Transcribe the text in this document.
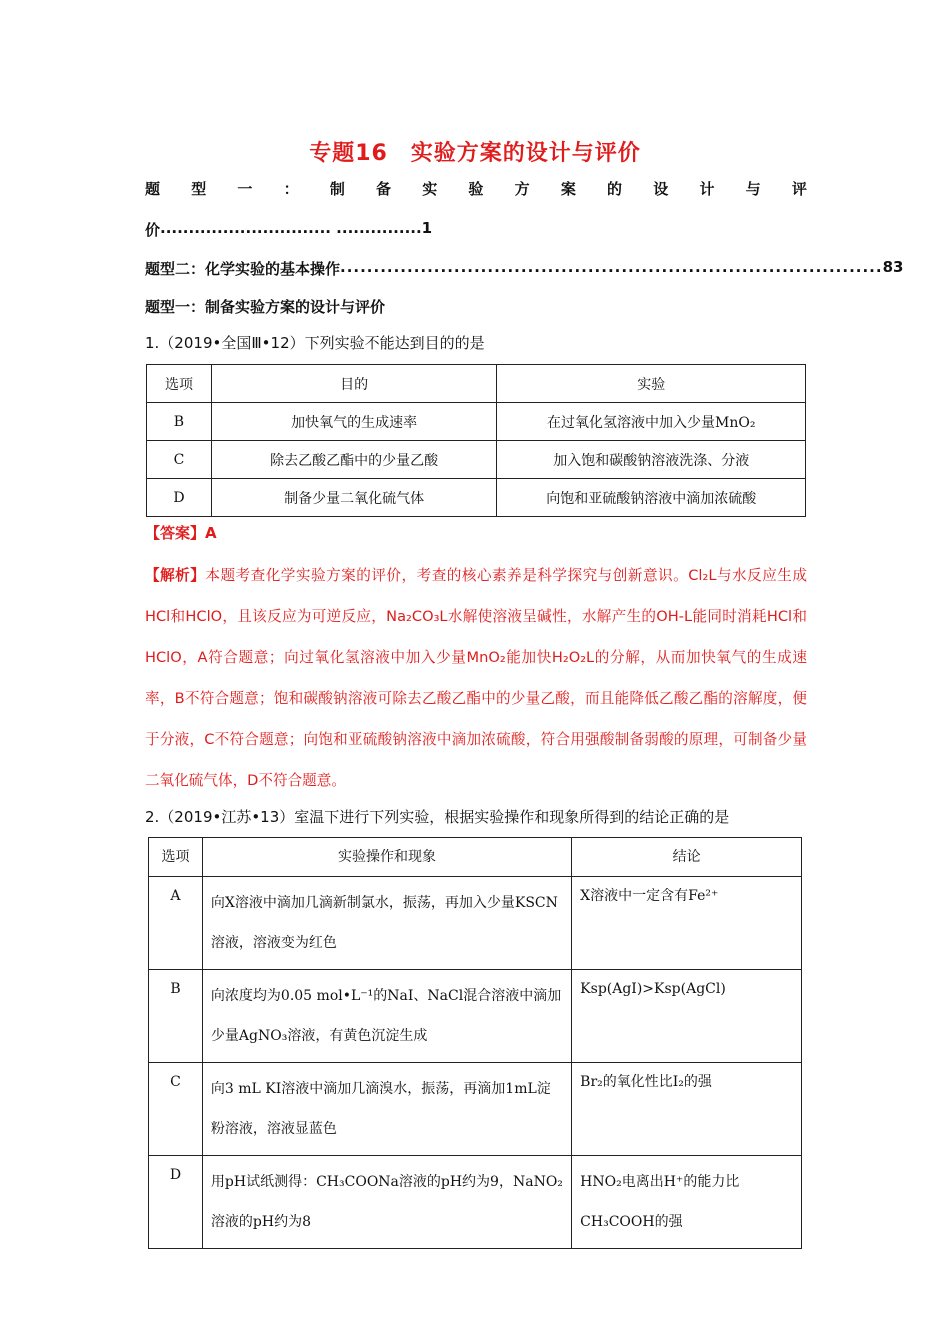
专题16　实验方案的设计与评价
题 型 一 ： 制 备 实 验 方 案 的 设 计 与 评
价 .............................. ............... 1
题型二：化学实验的基本操作 ................................................................................. 83
题型一：制备实验方案的设计与评价
1.（2019•全国Ⅲ•12）下列实验不能达到目的的是
选项	目的	实验
B	加快氧气的生成速率	在过氧化氢溶液中加入少量MnO₂
C	除去乙酸乙酯中的少量乙酸	加入饱和碳酸钠溶液洗涤、分液
D	制备少量二氧化硫气体	向饱和亚硫酸钠溶液中滴加浓硫酸
【答案】A
【解析】本题考查化学实验方案的评价，考查的核心素养是科学探究与创新意识。Cl₂L与水反应生成HCl和HClO，且该反应为可逆反应，Na₂CO₃L水解使溶液呈碱性，水解产生的OH-L能同时消耗HCl和HClO，A符合题意；向过氧化氢溶液中加入少量MnO₂能加快H₂O₂L的分解，从而加快氧气的生成速率，B不符合题意；饱和碳酸钠溶液可除去乙酸乙酯中的少量乙酸，而且能降低乙酸乙酯的溶解度，便于分液，C不符合题意；向饱和亚硫酸钠溶液中滴加浓硫酸，符合用强酸制备弱酸的原理，可制备少量二氧化硫气体，D不符合题意。
2.（2019•江苏•13）室温下进行下列实验，根据实验操作和现象所得到的结论正确的是
选项	实验操作和现象	结论
A	向X溶液中滴加几滴新制氯水，振荡，再加入少量KSCN溶液，溶液变为红色	X溶液中一定含有Fe²⁺
B	向浓度均为0.05 mol•L⁻¹的NaI、NaCl混合溶液中滴加少量AgNO₃溶液，有黄色沉淀生成	Ksp(AgI)>Ksp(AgCl)
C	向3 mL KI溶液中滴加几滴溴水，振荡，再滴加1mL淀粉溶液，溶液显蓝色	Br₂的氧化性比I₂的强
D	用pH试纸测得：CH₃COONa溶液的pH约为9，NaNO₂溶液的pH约为8	HNO₂电离出H⁺的能力比CH₃COOH的强
